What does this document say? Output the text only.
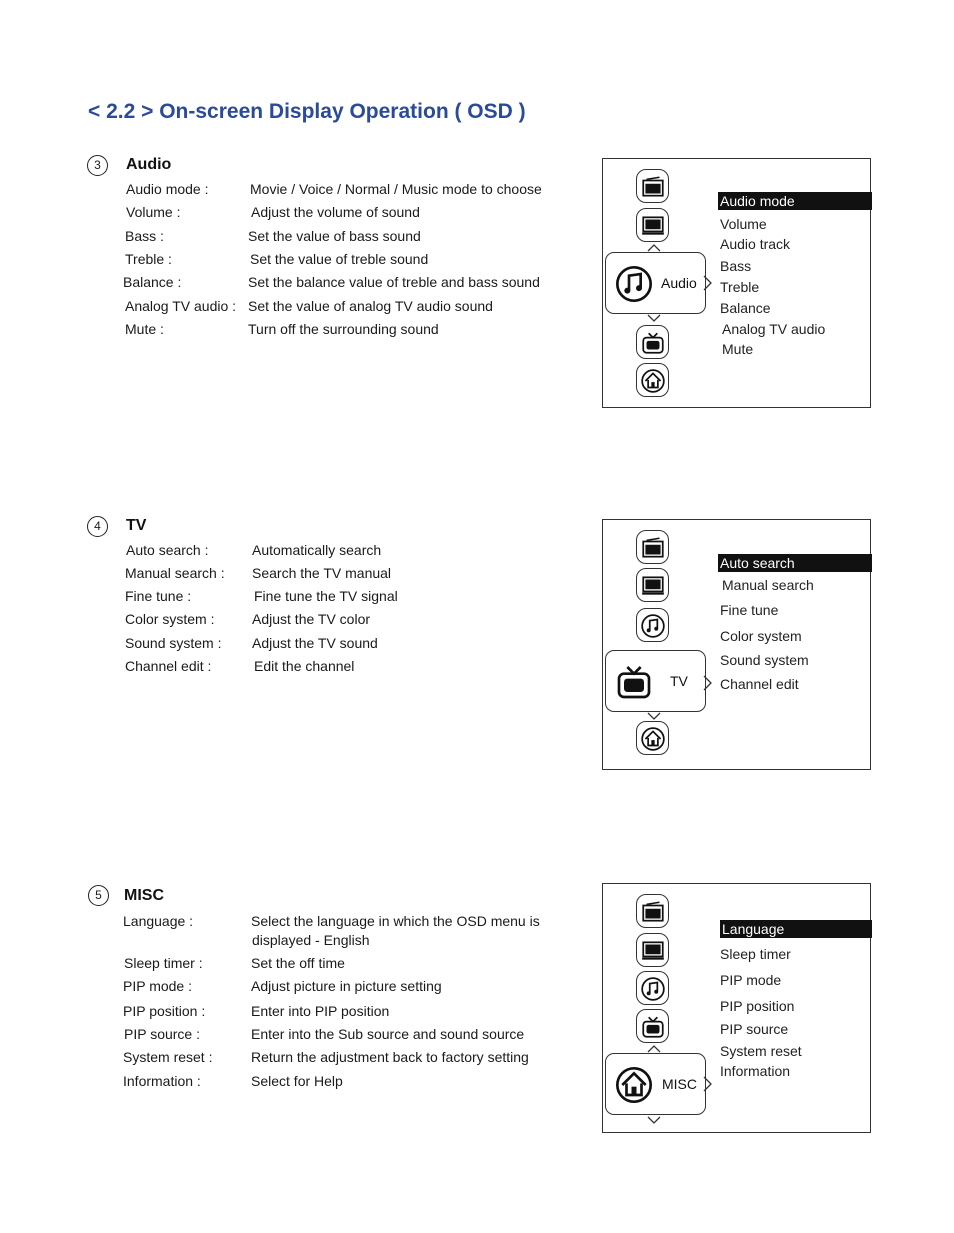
< 2.2 > On-screen Display Operation ( OSD )
3	Audio
Audio mode :	Movie / Voice / Normal / Music mode to choose
Volume :	Adjust the volume of sound
Bass :	Set the value of bass sound
Treble :	Set the value of treble sound
Balance :	Set the balance value of treble and bass sound
Analog TV audio : Set the value of analog TV audio sound
Mute :	Turn off the surrounding sound
Audio
Audio mode
Volume
Audio track
Bass
Treble
Balance
Analog TV audio
Mute
4	TV
Auto search :	Automatically search
Manual search : Search the TV manual
Fine tune :	Fine tune the TV signal
Color system :	Adjust the TV color
Sound system : Adjust the TV sound
Channel edit :	Edit the channel
TV
Auto search
Manual search
Fine tune
Color system
Sound system
Channel edit
5	MISC
Language :	Select the language in which the OSD menu is
displayed - English
Sleep timer :	Set the off time
PIP mode :	Adjust picture in picture setting
PIP position :	Enter into PIP position
PIP source :	Enter into the Sub source and sound source
System reset :	Return the adjustment back to factory setting
Information :	Select for Help	MISC
Language
Sleep timer
PIP mode
PIP position
PIP source
System reset
Information
